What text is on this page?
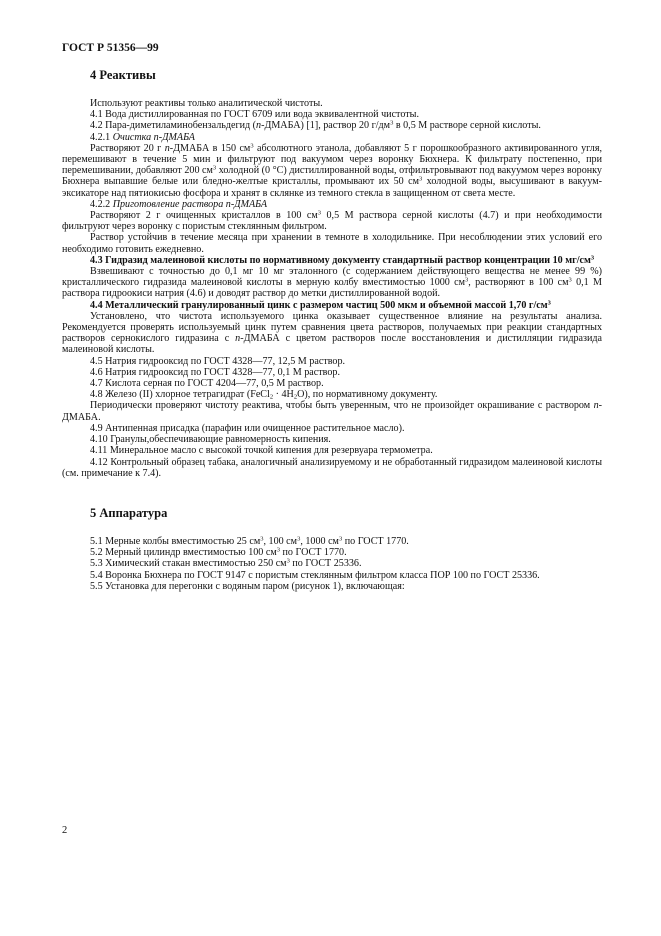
ГОСТ Р 51356—99
4 Реактивы

Используют реактивы только аналитической чистоты.

4.1 Вода дистиллированная по ГОСТ 6709 или вода эквивалентной чистоты.

4.2 Пара-диметиламинобензальдегид (n-ДМАБА) [1], раствор 20 $г/дм^3$ в 0,5 М растворе серной кислоты.

4.2.1 Очистка n-ДМАБА

Растворяют 20 г n-ДМАБА в 150 $см^3$ абсолютного этанола, добавляют 5 г порошкообразного активированного угля, перемешивают в течение 5 мин и фильтруют под вакуумом через воронку Бюхнера. К фильтрату постепенно, при перемешивании, добавляют 200 $см^3$ холодной (0 °С) дистиллированной воды, отфильтровывают под вакуумом через воронку Бюхнера выпавшие белые или бледно-желтые кристаллы, промывают их 50 $см^3$ холодной воды, высушивают в вакуум-эксикаторе над пятиокисью фосфора и хранят в склянке из темного стекла в защищенном от света месте.

4.2.2 Приготовление раствора n-ДМАБА

Растворяют 2 г очищенных кристаллов в 100 $см^3$ 0,5 М раствора серной кислоты (4.7) и при необходимости фильтруют через воронку с пористым стеклянным фильтром.

Раствор устойчив в течение месяца при хранении в темноте в холодильнике. При несоблюдении этих условий его необходимо готовить ежедневно.

4.3 Гидразид малеиновой кислоты по нормативному документу стандартный раствор концентрации 10 $мг/см^3$

Взвешивают с точностью до 0,1 мг 10 мг эталонного (с содержанием действующего вещества не менее 99 %) кристаллического гидразида малеиновой кислоты в мерную колбу вместимостью 1000 $см^3$, растворяют в 100 $см^3$ 0,1 М раствора гидроокиси натрия (4.6) и доводят раствор до метки дистиллированной водой.

4.4 Металлический гранулированный цинк с размером частиц 500 мкм и объемной массой 1,70 $г/см^3$

Установлено, что чистота используемого цинка оказывает существенное влияние на результаты анализа. Рекомендуется проверять используемый цинк путем сравнения цвета растворов, получаемых при реакции стандартных растворов сернокислого гидразина с n-ДМАБА с цветом растворов после восстановления и дистилляции гидразида малеиновой кислоты.

4.5 Натрия гидрооксид по ГОСТ 4328—77, 12,5 М раствор.

4.6 Натрия гидрооксид по ГОСТ 4328—77, 0,1 М раствор.

4.7 Кислота серная по ГОСТ 4204—77, 0,5 М раствор.

4.8 Железо (II) хлорное тетрагидрат (FeCl$_2$ · $4H_2O$), по нормативному документу.

Периодически проверяют чистоту реактива, чтобы быть уверенным, что не произойдет окрашивание с раствором n-ДМАБА.

4.9 Антипенная присадка (парафин или очищенное растительное масло).

4.10 Гранулы,обеспечивающие равномерность кипения.

4.11 Минеральное масло с высокой точкой кипения для резервуара термометра.

4.12 Контрольный образец табака, аналогичный анализируемому и не обработанный гидразидом малеиновой кислоты (см. примечание к 7.4).

5 Аппаратура

5.1 Мерные колбы вместимостью 25 $см^3$, 100 $см^3$, 1000 $см^3$ по ГОСТ 1770.

5.2 Мерный цилиндр вместимостью 100 $см^3$ по ГОСТ 1770.

5.3 Химический стакан вместимостью 250 $см^3$ по ГОСТ 25336.

5.4 Воронка Бюхнера по ГОСТ 9147 с пористым стеклянным фильтром класса ПОР 100 по ГОСТ 25336.

5.5 Установка для перегонки с водяным паром (рисунок 1), включающая:

2
